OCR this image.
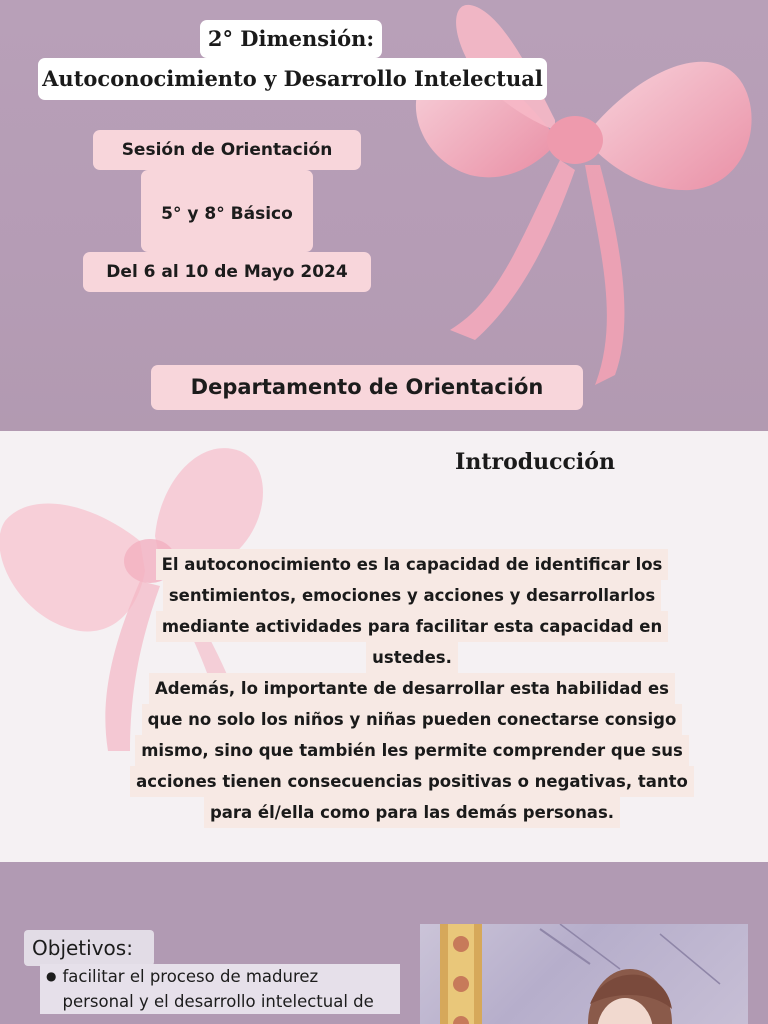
2° Dimensión:
Autoconocimiento y Desarrollo Intelectual
Sesión de Orientación
5° y 8° Básico
Del 6 al 10 de Mayo 2024
Departamento de Orientación
Introducción
El autoconocimiento es la capacidad de identificar los
sentimientos, emociones y acciones y desarrollarlos
mediante actividades para facilitar esta capacidad en
ustedes.
Además, lo importante de desarrollar esta habilidad es
que no solo los niños y niñas pueden conectarse consigo
mismo, sino que también les permite comprender que sus
acciones tienen consecuencias positivas o negativas, tanto
para él/ella como para las demás personas.
Objetivos:
● facilitar el proceso de madurez
personal y el desarrollo intelectual de
